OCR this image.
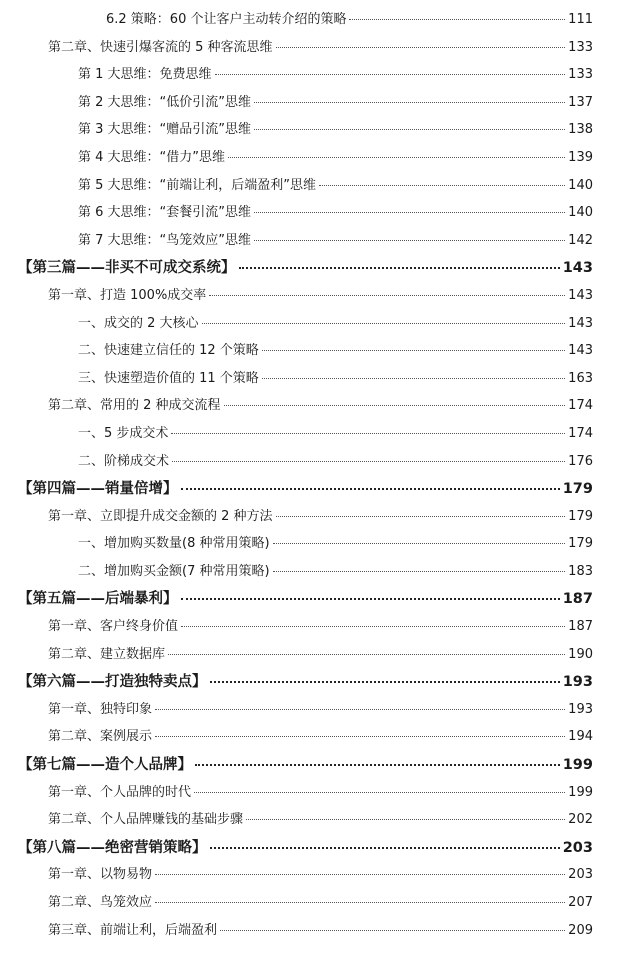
6.2 策略：60 个让客户主动转介绍的策略	111
第二章、快速引爆客流的 5 种客流思维	133
第 1 大思维：免费思维	133
第 2 大思维：“低价引流”思维	137
第 3 大思维：“赠品引流”思维	138
第 4 大思维：“借力”思维	139
第 5 大思维：“前端让利，后端盈利”思维	140
第 6 大思维：“套餐引流”思维	140
第 7 大思维：“鸟笼效应”思维	142
【第三篇——非买不可成交系统】	143
第一章、打造 100%成交率	143
一、成交的 2 大核心	143
二、快速建立信任的 12 个策略	143
三、快速塑造价值的 11 个策略	163
第二章、常用的 2 种成交流程	174
一、5 步成交术	174
二、阶梯成交术	176
【第四篇——销量倍增】	179
第一章、立即提升成交金额的 2 种方法	179
一、增加购买数量(8 种常用策略)	179
二、增加购买金额(7 种常用策略)	183
【第五篇——后端暴利】	187
第一章、客户终身价值	187
第二章、建立数据库	190
【第六篇——打造独特卖点】	193
第一章、独特印象	193
第二章、案例展示	194
【第七篇——造个人品牌】	199
第一章、个人品牌的时代	199
第二章、个人品牌赚钱的基础步骤	202
【第八篇——绝密营销策略】	203
第一章、以物易物	203
第二章、鸟笼效应	207
第三章、前端让利，后端盈利	209
